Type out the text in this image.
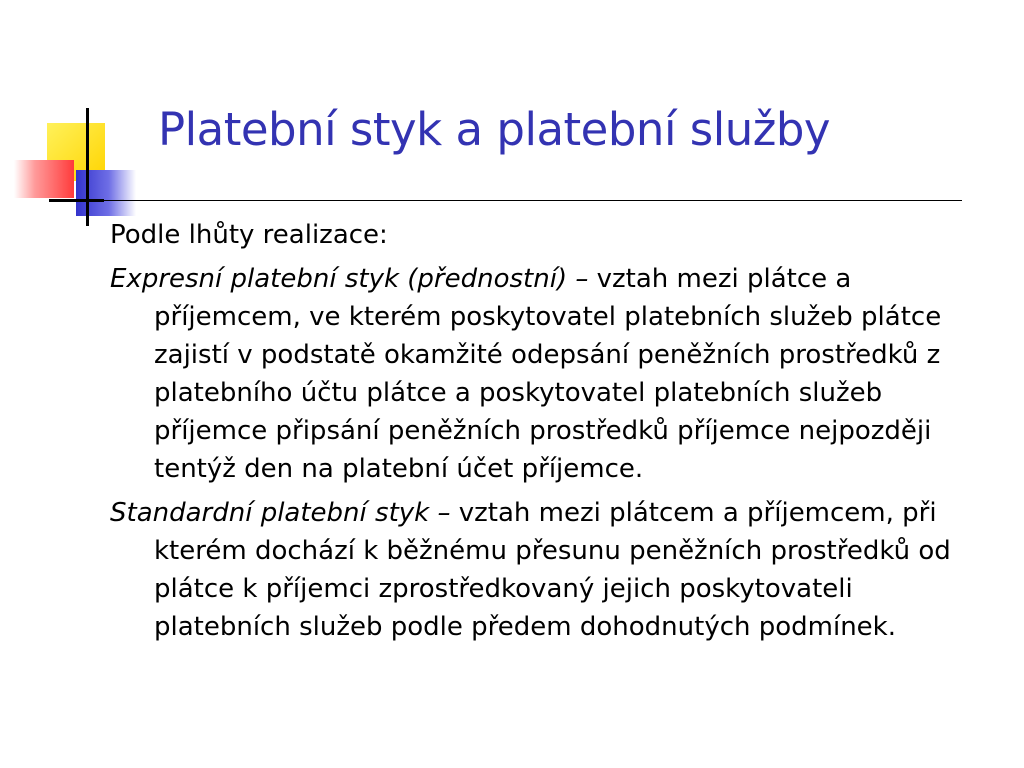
Platební styk a platební služby

Podle lhůty realizace:

Expresní platební styk (přednostní) – vztah mezi plátce a příjemcem, ve kterém poskytovatel platebních služeb plátce zajistí v podstatě okamžité odepsání peněžních prostředků z platebního účtu plátce a poskytovatel platebních služeb příjemce připsání peněžních prostředků příjemce nejpozději tentýž den na platební účet příjemce.

Standardní platební styk – vztah mezi plátcem a příjemcem, při kterém dochází k běžnému přesunu peněžních prostředků od plátce k příjemci zprostředkovaný jejich poskytovateli platebních služeb podle předem dohodnutých podmínek.
